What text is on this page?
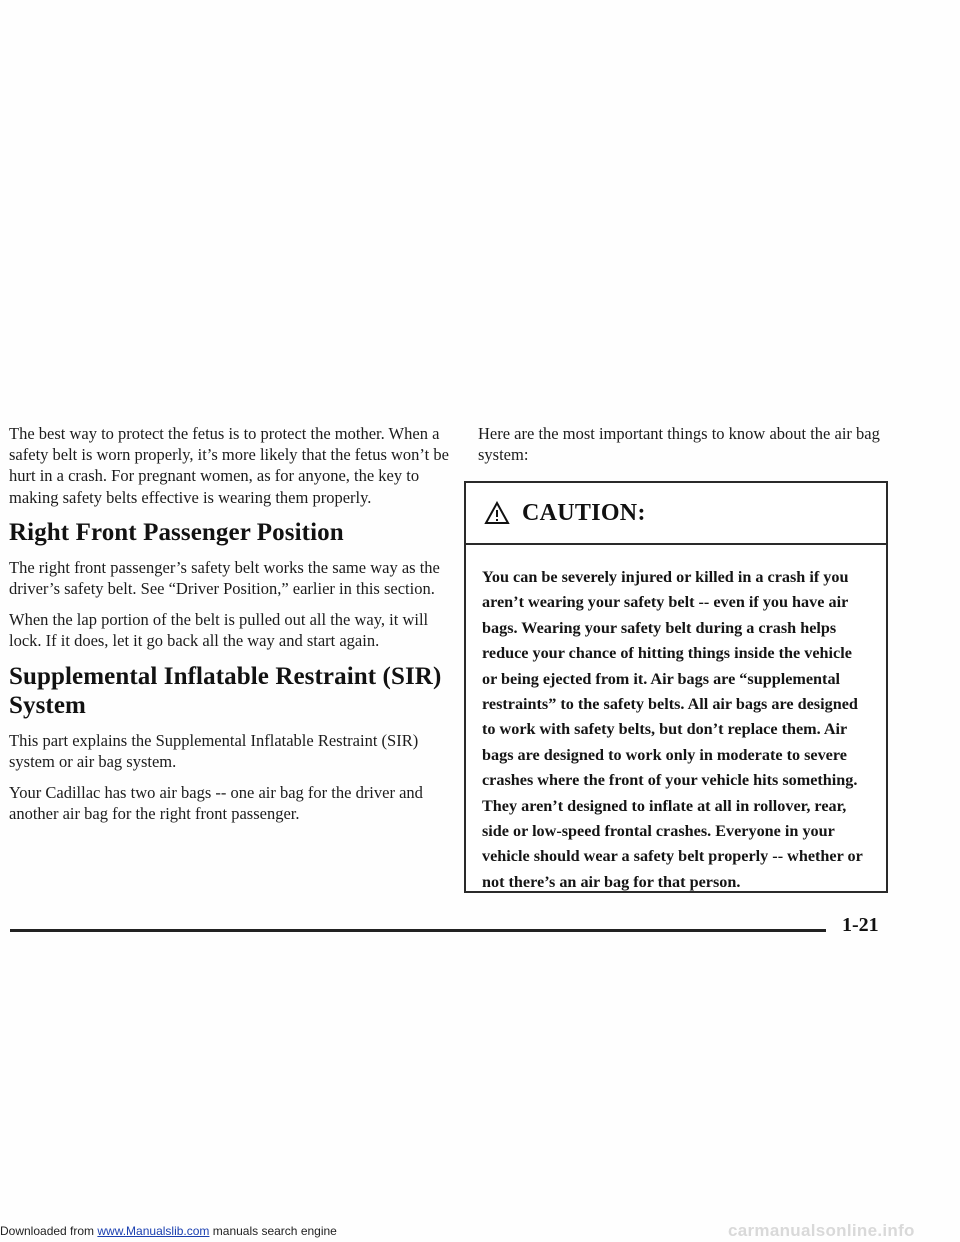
The best way to protect the fetus is to protect the mother. When a safety belt is worn properly, it’s more likely that the fetus won’t be hurt in a crash. For pregnant women, as for anyone, the key to making safety belts effective is wearing them properly.

Right Front Passenger Position

The right front passenger’s safety belt works the same way as the driver’s safety belt. See “Driver Position,” earlier in this section.

When the lap portion of the belt is pulled out all the way, it will lock. If it does, let it go back all the way and start again.

Supplemental Inflatable Restraint (SIR) System

This part explains the Supplemental Inflatable Restraint (SIR) system or air bag system.

Your Cadillac has two air bags -- one air bag for the driver and another air bag for the right front passenger.

Here are the most important things to know about the air bag system:

CAUTION:
You can be severely injured or killed in a crash if you aren’t wearing your safety belt -- even if you have air bags. Wearing your safety belt during a crash helps reduce your chance of hitting things inside the vehicle or being ejected from it. Air bags are “supplemental restraints” to the safety belts. All air bags are designed to work with safety belts, but don’t replace them. Air bags are designed to work only in moderate to severe crashes where the front of your vehicle hits something. They aren’t designed to inflate at all in rollover, rear, side or low-speed frontal crashes. Everyone in your vehicle should wear a safety belt properly -- whether or not there’s an air bag for that person.
1-21
Downloaded from www.Manualslib.com manuals search engine	carmanualsonline.info
